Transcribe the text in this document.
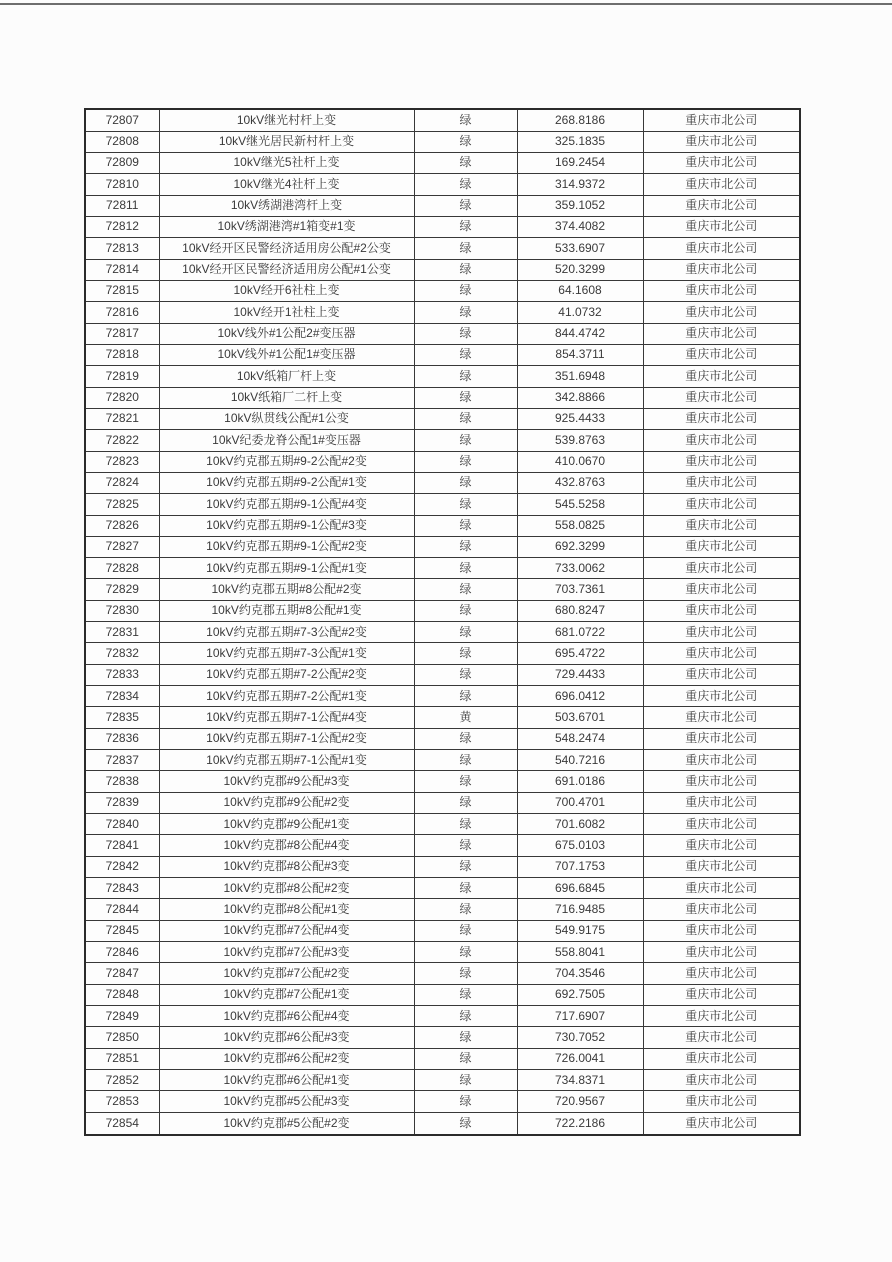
72807	10kV继光村杆上变	绿	268.8186	重庆市北公司
72808	10kV继光居民新村杆上变	绿	325.1835	重庆市北公司
72809	10kV继光5社杆上变	绿	169.2454	重庆市北公司
72810	10kV继光4社杆上变	绿	314.9372	重庆市北公司
72811	10kV绣湖港湾杆上变	绿	359.1052	重庆市北公司
72812	10kV绣湖港湾#1箱变#1变	绿	374.4082	重庆市北公司
72813	10kV经开区民警经济适用房公配#2公变	绿	533.6907	重庆市北公司
72814	10kV经开区民警经济适用房公配#1公变	绿	520.3299	重庆市北公司
72815	10kV经开6社柱上变	绿	64.1608	重庆市北公司
72816	10kV经开1社柱上变	绿	41.0732	重庆市北公司
72817	10kV线外#1公配2#变压器	绿	844.4742	重庆市北公司
72818	10kV线外#1公配1#变压器	绿	854.3711	重庆市北公司
72819	10kV纸箱厂杆上变	绿	351.6948	重庆市北公司
72820	10kV纸箱厂二杆上变	绿	342.8866	重庆市北公司
72821	10kV纵贯线公配#1公变	绿	925.4433	重庆市北公司
72822	10kV纪委龙脊公配1#变压器	绿	539.8763	重庆市北公司
72823	10kV约克郡五期#9-2公配#2变	绿	410.0670	重庆市北公司
72824	10kV约克郡五期#9-2公配#1变	绿	432.8763	重庆市北公司
72825	10kV约克郡五期#9-1公配#4变	绿	545.5258	重庆市北公司
72826	10kV约克郡五期#9-1公配#3变	绿	558.0825	重庆市北公司
72827	10kV约克郡五期#9-1公配#2变	绿	692.3299	重庆市北公司
72828	10kV约克郡五期#9-1公配#1变	绿	733.0062	重庆市北公司
72829	10kV约克郡五期#8公配#2变	绿	703.7361	重庆市北公司
72830	10kV约克郡五期#8公配#1变	绿	680.8247	重庆市北公司
72831	10kV约克郡五期#7-3公配#2变	绿	681.0722	重庆市北公司
72832	10kV约克郡五期#7-3公配#1变	绿	695.4722	重庆市北公司
72833	10kV约克郡五期#7-2公配#2变	绿	729.4433	重庆市北公司
72834	10kV约克郡五期#7-2公配#1变	绿	696.0412	重庆市北公司
72835	10kV约克郡五期#7-1公配#4变	黄	503.6701	重庆市北公司
72836	10kV约克郡五期#7-1公配#2变	绿	548.2474	重庆市北公司
72837	10kV约克郡五期#7-1公配#1变	绿	540.7216	重庆市北公司
72838	10kV约克郡#9公配#3变	绿	691.0186	重庆市北公司
72839	10kV约克郡#9公配#2变	绿	700.4701	重庆市北公司
72840	10kV约克郡#9公配#1变	绿	701.6082	重庆市北公司
72841	10kV约克郡#8公配#4变	绿	675.0103	重庆市北公司
72842	10kV约克郡#8公配#3变	绿	707.1753	重庆市北公司
72843	10kV约克郡#8公配#2变	绿	696.6845	重庆市北公司
72844	10kV约克郡#8公配#1变	绿	716.9485	重庆市北公司
72845	10kV约克郡#7公配#4变	绿	549.9175	重庆市北公司
72846	10kV约克郡#7公配#3变	绿	558.8041	重庆市北公司
72847	10kV约克郡#7公配#2变	绿	704.3546	重庆市北公司
72848	10kV约克郡#7公配#1变	绿	692.7505	重庆市北公司
72849	10kV约克郡#6公配#4变	绿	717.6907	重庆市北公司
72850	10kV约克郡#6公配#3变	绿	730.7052	重庆市北公司
72851	10kV约克郡#6公配#2变	绿	726.0041	重庆市北公司
72852	10kV约克郡#6公配#1变	绿	734.8371	重庆市北公司
72853	10kV约克郡#5公配#3变	绿	720.9567	重庆市北公司
72854	10kV约克郡#5公配#2变	绿	722.2186	重庆市北公司
